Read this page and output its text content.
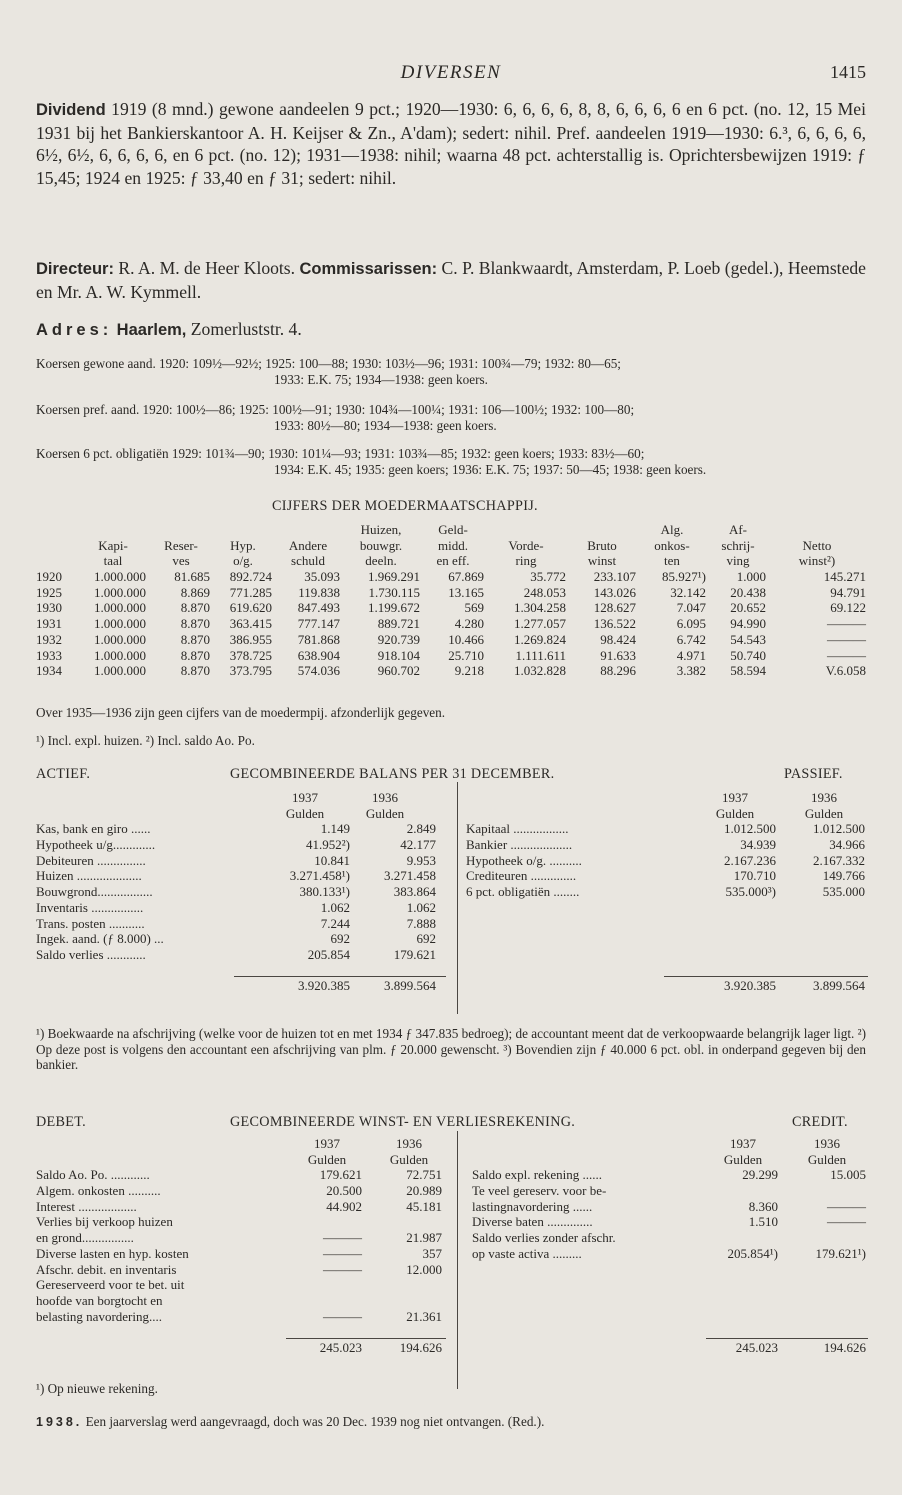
DIVERSEN	1415
Dividend 1919 (8 mnd.) gewone aandeelen 9 pct.; 1920—1930: 6, 6, 6, 6, 8, 8, 6, 6, 6, 6 en 6 pct. (no. 12, 15 Mei 1931 bij het Bankierskantoor A. H. Keijser & Zn., A'dam); sedert: nihil. Pref. aandeelen 1919—1930: 6.³, 6, 6, 6, 6, 6½, 6½, 6, 6, 6, 6, en 6 pct. (no. 12); 1931—1938: nihil; waarna 48 pct. achterstallig is. Oprichtersbewijzen 1919: ƒ 15,45; 1924 en 1925: ƒ 33,40 en ƒ 31; sedert: nihil.
Directeur: R. A. M. de Heer Kloots. Commissarissen: C. P. Blankwaardt, Amsterdam, P. Loeb (gedel.), Heemstede en Mr. A. W. Kymmell.
Adres: Haarlem, Zomerluststr. 4.
Koersen gewone aand. 1920: 109½—92½; 1925: 100—88; 1930: 103½—96; 1931: 100¾—79; 1932: 80—65;
1933: E.K. 75; 1934—1938: geen koers.
Koersen pref. aand. 1920: 100½—86; 1925: 100½—91; 1930: 104¾—100¼; 1931: 106—100½; 1932: 100—80;
1933: 80½—80; 1934—1938: geen koers.
Koersen 6 pct. obligatiën 1929: 101¾—90; 1930: 101¼—93; 1931: 103¾—85; 1932: geen koers; 1933: 83½—60;
1934: E.K. 45; 1935: geen koers; 1936: E.K. 75; 1937: 50—45; 1938: geen koers.
CIJFERS DER MOEDERMAATSCHAPPIJ.
Huizen,	Geld-	Alg.	Af-
Kapi-	Reser-	Hyp.	Andere	bouwgr.	midd.	Vorde-	Bruto	onkos-	schrij-	Netto
taal	ves	o/g.	schuld	deeln.	en eff.	ring	winst	ten	ving	winst²)
1920	1.000.000	81.685	892.724	35.093	1.969.291	67.869	35.772	233.107	85.927¹)	1.000	145.271
1925	1.000.000	8.869	771.285	119.838	1.730.115	13.165	248.053	143.026	32.142	20.438	94.791
1930	1.000.000	8.870	619.620	847.493	1.199.672	569	1.304.258	128.627	7.047	20.652	69.122
1931	1.000.000	8.870	363.415	777.147	889.721	4.280	1.277.057	136.522	6.095	94.990	———
1932	1.000.000	8.870	386.955	781.868	920.739	10.466	1.269.824	98.424	6.742	54.543	———
1933	1.000.000	8.870	378.725	638.904	918.104	25.710	1.111.611	91.633	4.971	50.740	———
1934	1.000.000	8.870	373.795	574.036	960.702	9.218	1.032.828	88.296	3.382	58.594	V.6.058
Over 1935—1936 zijn geen cijfers van de moedermpij. afzonderlijk gegeven.
¹) Incl. expl. huizen. ²) Incl. saldo Ao. Po.
ACTIEF.	GECOMBINEERDE BALANS PER 31 DECEMBER.	PASSIEF.
1937	1936	1937	1936
Gulden	Gulden	Gulden	Gulden
Kas, bank en giro ......	1.149	2.849 Kapitaal .................	1.012.500	1.012.500
Hypotheek u/g.............	41.952²)	42.177 Bankier ...................	34.939	34.966
Debiteuren ...............	10.841	9.953 Hypotheek o/g. ..........	2.167.236	2.167.332
Huizen ....................	3.271.458¹)	3.271.458 Crediteuren ..............	170.710	149.766
Bouwgrond.................	380.133¹)	383.864 6 pct. obligatiën ........	535.000³)	535.000
Inventaris ................	1.062	1.062
Trans. posten ...........	7.244	7.888
Ingek. aand. (ƒ 8.000) ...	692	692
Saldo verlies ............	205.854	179.621
3.920.385	3.899.564	3.920.385	3.899.564
¹) Boekwaarde na afschrijving (welke voor de huizen tot en met 1934 ƒ 347.835 bedroeg); de accountant meent dat de verkoopwaarde belangrijk lager ligt. ²) Op deze post is volgens den accountant een afschrijving van plm. ƒ 20.000 gewenscht. ³) Bovendien zijn ƒ 40.000 6 pct. obl. in onderpand gegeven bij den bankier.
DEBET.	GECOMBINEERDE WINST- EN VERLIESREKENING.	CREDIT.
1937	1936	1937	1936
Gulden	Gulden	Gulden	Gulden
Saldo Ao. Po. ............	179.621	72.751 Saldo expl. rekening ......	29.299	15.005
Algem. onkosten ..........	20.500	20.989 Te veel gereserv. voor be-
Interest ..................	44.902	45.181 lastingnavordering ......	8.360	———
Verlies bij verkoop huizen	Diverse baten ..............	1.510	———
en grond................	———	21.987 Saldo verlies zonder afschr.
Diverse lasten en hyp. kosten	———	357 op vaste activa .........	205.854¹)	179.621¹)
Afschr. debit. en inventaris	———	12.000
Gereserveerd voor te bet. uit
hoofde van borgtocht en
belasting navordering....	———	21.361
245.023	194.626	245.023	194.626
¹) Op nieuwe rekening.
1938. Een jaarverslag werd aangevraagd, doch was 20 Dec. 1939 nog niet ontvangen. (Red.).
